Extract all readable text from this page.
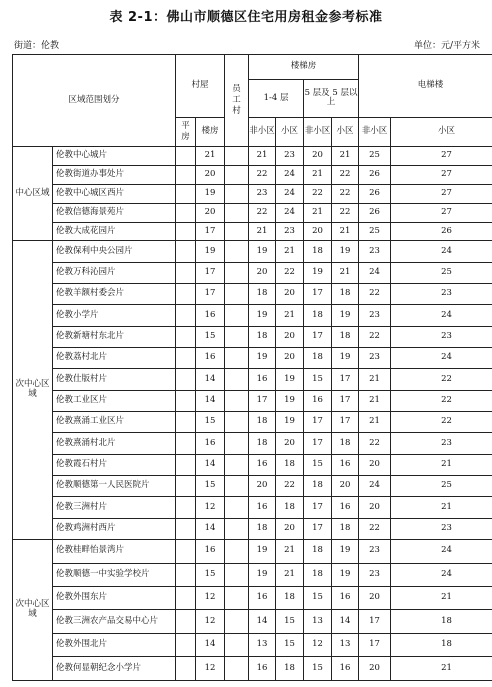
表 2-1：佛山市顺德区住宅用房租金参考标准
街道：伦教	单位：元/平方米
区域范围划分		村屋		员工村	楼梯房				电梯楼	
					1-4 层		5 层及 5 层以上			

		平房	楼房		非小区	小区	非小区	小区	非小区	小区
中心区域	伦教中心城片		21		21	23	20	21	25	27
	伦教街道办事处片		20		22	24	21	22	26	27
	伦教中心城区西片		19		23	24	22	22	26	27
	伦教信德海景苑片		20		22	24	21	22	26	27
	伦教大成花园片		17		21	23	20	21	25	26
次中心区域	伦教保利中央公园片		19		19	21	18	19	23	24
	伦教万科沁园片		17		20	22	19	21	24	25
	伦教羊额村委会片		17		18	20	17	18	22	23
	伦教小学片		16		19	21	18	19	23	24
	伦教新塘村东北片		15		18	20	17	18	22	23
	伦教荔村北片		16		19	20	18	19	23	24
	伦教仕版村片		14		16	19	15	17	21	22
	伦教工业区片		14		17	19	16	17	21	22
	伦教熹涌工业区片		15		18	19	17	17	21	22
	伦教熹涌村北片		16		18	20	17	18	22	23
	伦教霞石村片		14		16	18	15	16	20	21
	伦教顺德第一人民医院片		15		20	22	18	20	24	25
	伦教三洲村片		12		16	18	17	16	20	21
	伦教鸡洲村西片		14		18	20	17	18	22	23
次中心区域	伦教桂畔怡景湾片		16		19	21	18	19	23	24
	伦教顺德一中实验学校片		15		19	21	18	19	23	24
	伦教外围东片		12		16	18	15	16	20	21
	伦教三洲农产品交易中心片		12		14	15	13	14	17	18
	伦教外围北片		14		13	15	12	13	17	18
	伦教何显朝纪念小学片		12		16	18	15	16	20	21
